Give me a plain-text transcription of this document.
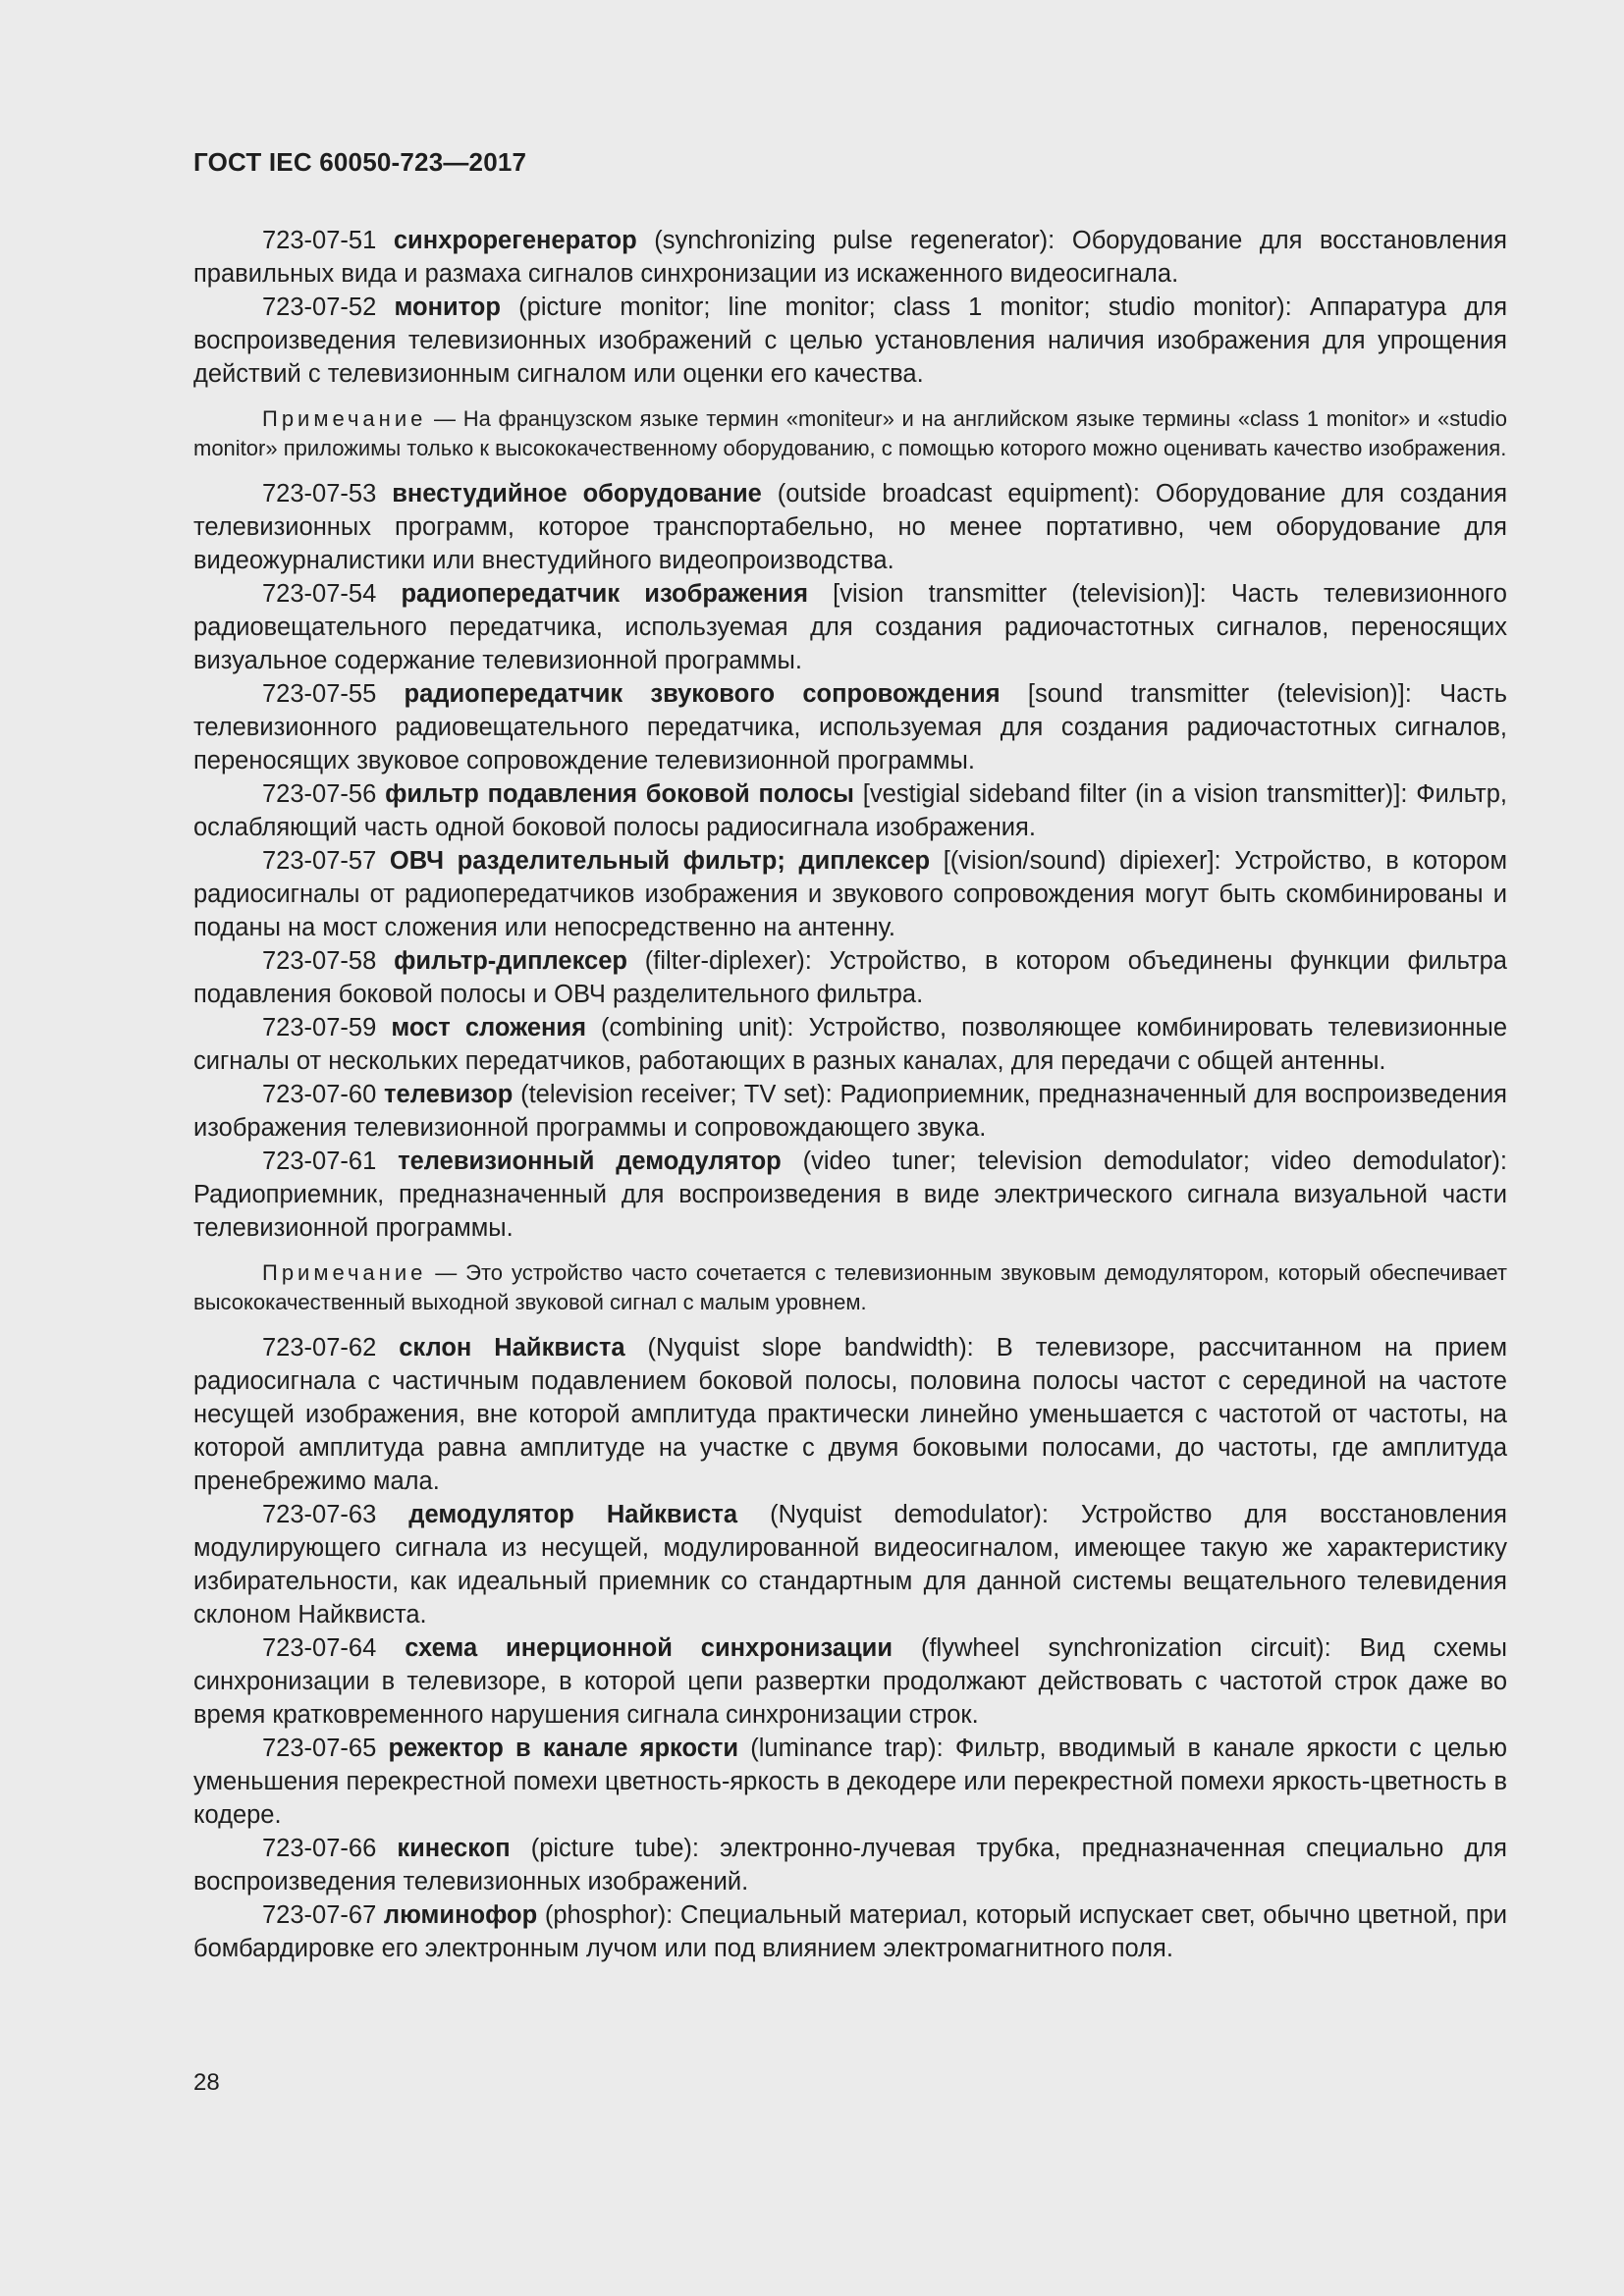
ГОСТ IEC 60050-723—2017

723-07-51 синхрорегенератор (synchronizing pulse regenerator): Оборудование для восстановления правильных вида и размаха сигналов синхронизации из искаженного видеосигнала.

723-07-52 монитор (picture monitor; line monitor; class 1 monitor; studio monitor): Аппаратура для воспроизведения телевизионных изображений с целью установления наличия изображения для упрощения действий с телевизионным сигналом или оценки его качества.

Примечание — На французском языке термин «moniteur» и на английском языке термины «class 1 monitor» и «studio monitor» приложимы только к высококачественному оборудованию, с помощью которого можно оценивать качество изображения.

723-07-53 внестудийное оборудование (outside broadcast equipment): Оборудование для создания телевизионных программ, которое транспортабельно, но менее портативно, чем оборудование для видеожурналистики или внестудийного видеопроизводства.

723-07-54 радиопередатчик изображения [vision transmitter (television)]: Часть телевизионного радиовещательного передатчика, используемая для создания радиочастотных сигналов, переносящих визуальное содержание телевизионной программы.

723-07-55 радиопередатчик звукового сопровождения [sound transmitter (television)]: Часть телевизионного радиовещательного передатчика, используемая для создания радиочастотных сигналов, переносящих звуковое сопровождение телевизионной программы.

723-07-56 фильтр подавления боковой полосы [vestigial sideband filter (in a vision transmitter)]: Фильтр, ослабляющий часть одной боковой полосы радиосигнала изображения.

723-07-57 ОВЧ разделительный фильтр; диплексер [(vision/sound) dipiexer]: Устройство, в котором радиосигналы от радиопередатчиков изображения и звукового сопровождения могут быть скомбинированы и поданы на мост сложения или непосредственно на антенну.

723-07-58 фильтр-диплексер (filter-diplexer): Устройство, в котором объединены функции фильтра подавления боковой полосы и ОВЧ разделительного фильтра.

723-07-59 мост сложения (combining unit): Устройство, позволяющее комбинировать телевизионные сигналы от нескольких передатчиков, работающих в разных каналах, для передачи с общей антенны.

723-07-60 телевизор (television receiver; TV set): Радиоприемник, предназначенный для воспроизведения изображения телевизионной программы и сопровождающего звука.

723-07-61 телевизионный демодулятор (video tuner; television demodulator; video demodulator): Радиоприемник, предназначенный для воспроизведения в виде электрического сигнала визуальной части телевизионной программы.

Примечание — Это устройство часто сочетается с телевизионным звуковым демодулятором, который обеспечивает высококачественный выходной звуковой сигнал с малым уровнем.

723-07-62 склон Найквиста (Nyquist slope bandwidth): В телевизоре, рассчитанном на прием радиосигнала с частичным подавлением боковой полосы, половина полосы частот с серединой на частоте несущей изображения, вне которой амплитуда практически линейно уменьшается с частотой от частоты, на которой амплитуда равна амплитуде на участке с двумя боковыми полосами, до частоты, где амплитуда пренебрежимо мала.

723-07-63 демодулятор Найквиста (Nyquist demodulator): Устройство для восстановления модулирующего сигнала из несущей, модулированной видеосигналом, имеющее такую же характеристику избирательности, как идеальный приемник со стандартным для данной системы вещательного телевидения склоном Найквиста.

723-07-64 схема инерционной синхронизации (flywheel synchronization circuit): Вид схемы синхронизации в телевизоре, в которой цепи развертки продолжают действовать с частотой строк даже во время кратковременного нарушения сигнала синхронизации строк.

723-07-65 режектор в канале яркости (luminance trap): Фильтр, вводимый в канале яркости с целью уменьшения перекрестной помехи цветность-яркость в декодере или перекрестной помехи яркость-цветность в кодере.

723-07-66 кинескоп (picture tube): электронно-лучевая трубка, предназначенная специально для воспроизведения телевизионных изображений.

723-07-67 люминофор (phosphor): Специальный материал, который испускает свет, обычно цветной, при бомбардировке его электронным лучом или под влиянием электромагнитного поля.

28
